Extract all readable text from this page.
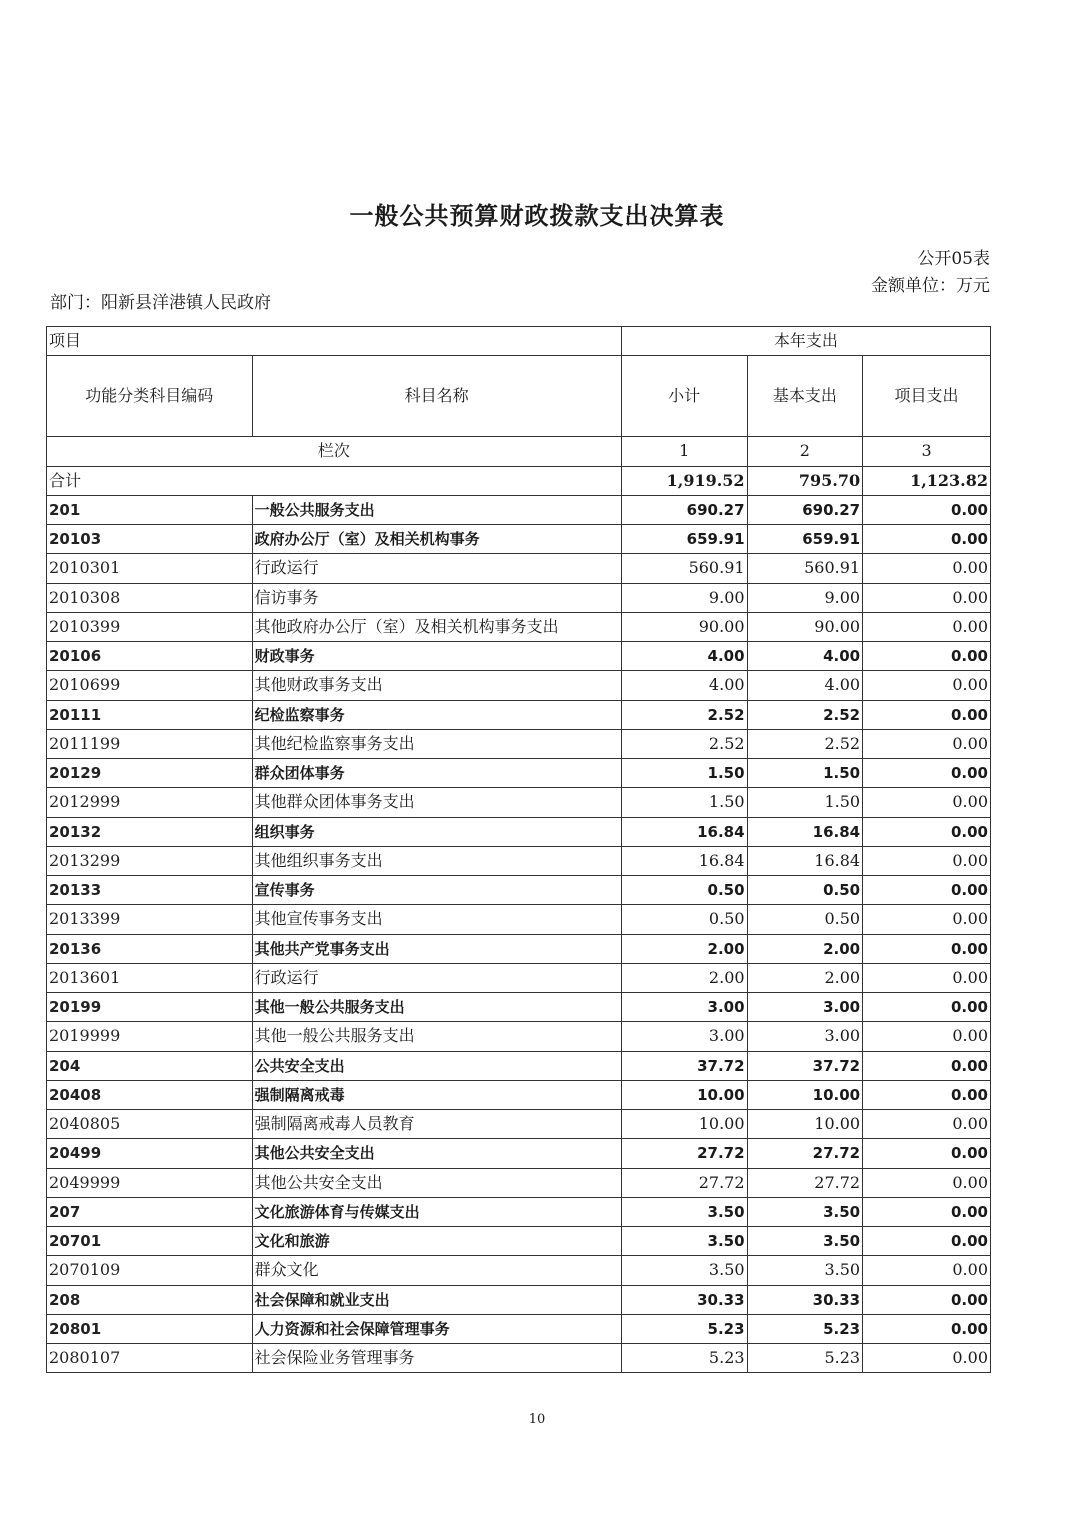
一般公共预算财政拨款支出决算表
公开05表
金额单位：万元
部门：阳新县洋港镇人民政府
项目		本年支出		
功能分类科目编码	科目名称	小计	基本支出	项目支出
栏次		1	2	3
合计		1,919.52	795.70	1,123.82
201	一般公共服务支出	690.27	690.27	0.00
20103	政府办公厅（室）及相关机构事务	659.91	659.91	0.00
2010301	行政运行	560.91	560.91	0.00
2010308	信访事务	9.00	9.00	0.00
2010399	其他政府办公厅（室）及相关机构事务支出	90.00	90.00	0.00
20106	财政事务	4.00	4.00	0.00
2010699	其他财政事务支出	4.00	4.00	0.00
20111	纪检监察事务	2.52	2.52	0.00
2011199	其他纪检监察事务支出	2.52	2.52	0.00
20129	群众团体事务	1.50	1.50	0.00
2012999	其他群众团体事务支出	1.50	1.50	0.00
20132	组织事务	16.84	16.84	0.00
2013299	其他组织事务支出	16.84	16.84	0.00
20133	宣传事务	0.50	0.50	0.00
2013399	其他宣传事务支出	0.50	0.50	0.00
20136	其他共产党事务支出	2.00	2.00	0.00
2013601	行政运行	2.00	2.00	0.00
20199	其他一般公共服务支出	3.00	3.00	0.00
2019999	其他一般公共服务支出	3.00	3.00	0.00
204	公共安全支出	37.72	37.72	0.00
20408	强制隔离戒毒	10.00	10.00	0.00
2040805	强制隔离戒毒人员教育	10.00	10.00	0.00
20499	其他公共安全支出	27.72	27.72	0.00
2049999	其他公共安全支出	27.72	27.72	0.00
207	文化旅游体育与传媒支出	3.50	3.50	0.00
20701	文化和旅游	3.50	3.50	0.00
2070109	群众文化	3.50	3.50	0.00
208	社会保障和就业支出	30.33	30.33	0.00
20801	人力资源和社会保障管理事务	5.23	5.23	0.00
2080107	社会保险业务管理事务	5.23	5.23	0.00
10
